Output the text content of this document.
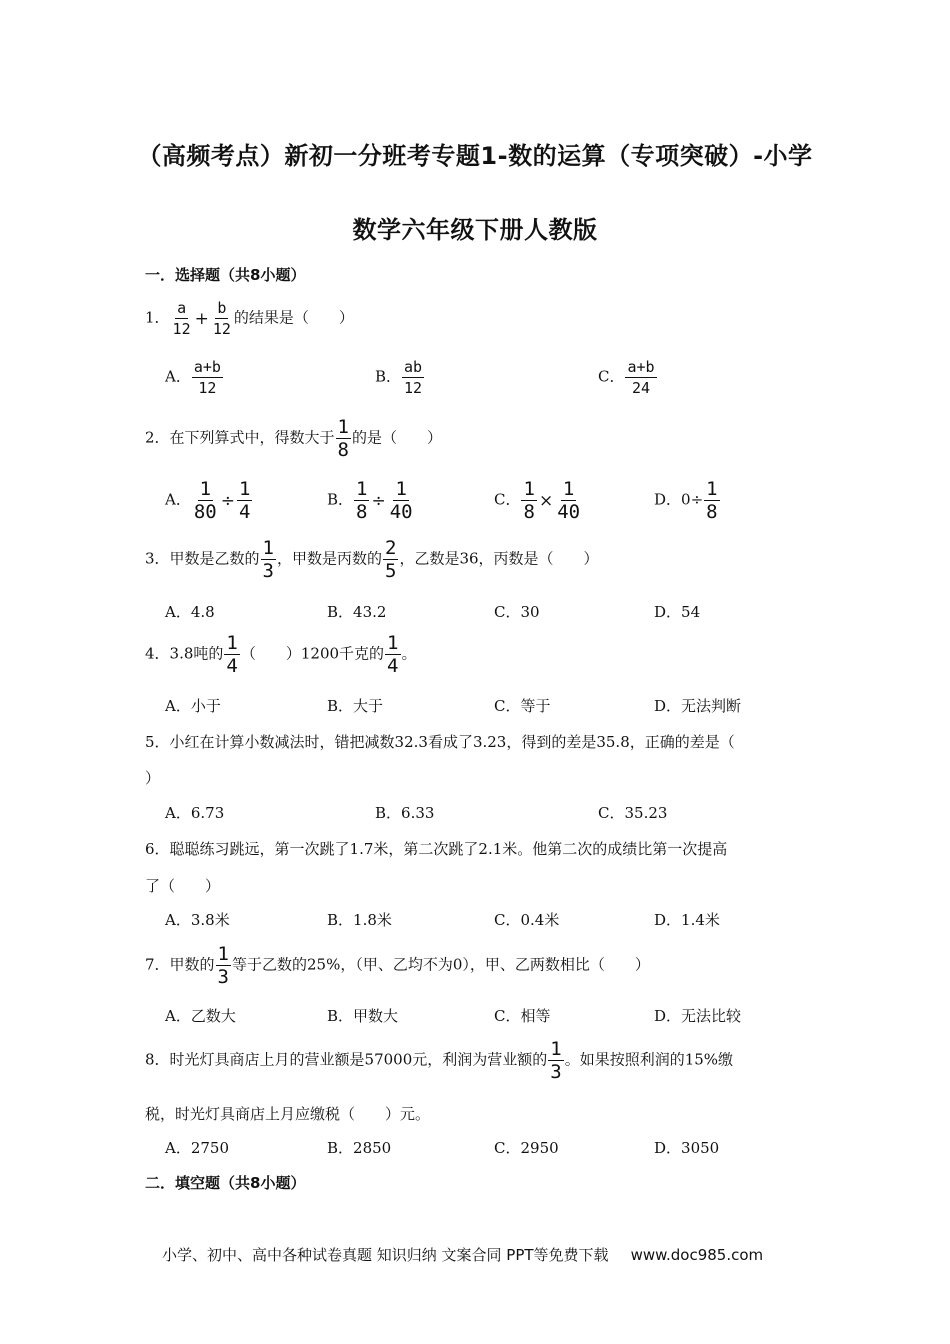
（高频考点）新初一分班考专题1-数的运算（专项突破）-小学
数学六年级下册人教版
一．选择题（共8小题）
1． $\frac{a}{12} + \frac{b}{12}$ 的结果是（　　）
A． $\frac{a+b}{12}$	B． $\frac{ab}{12}$	C． $\frac{a+b}{24}$
2．在下列算式中，得数大于 $\frac{1}{8}$ 的是（　　）
A． $\frac{1}{80} \div \frac{1}{4}$	B． $\frac{1}{8} \div \frac{1}{40}$	C． $\frac{1}{8} \times \frac{1}{40}$	D．$0\div \frac{1}{8}$
3．甲数是乙数的 $\frac{1}{3}$ ，甲数是丙数的 $\frac{2}{5}$ ，乙数是36，丙数是（　　）
A．4.8	B．43.2	C．30	D．54
4．3.8吨的 $\frac{1}{4}$ （　　）1200千克的 $\frac{1}{4}$ 。
A．小于	B．大于	C．等于	D．无法判断
5．小红在计算小数减法时，错把减数32.3看成了3.23，得到的差是35.8，正确的差是（
）
A．6.73	B．6.33	C．35.23
6．聪聪练习跳远，第一次跳了1.7米，第二次跳了2.1米。他第二次的成绩比第一次提高
了（　　）
A．3.8米	B．1.8米	C．0.4米	D．1.4米
7．甲数的 $\frac{1}{3}$ 等于乙数的25%，（甲、乙均不为0），甲、乙两数相比（　　）
A．乙数大	B．甲数大	C．相等	D．无法比较
8．时光灯具商店上月的营业额是57000元，利润为营业额的 $\frac{1}{3}$ 。如果按照利润的15%缴
税，时光灯具商店上月应缴税（　　）元。
A．2750	B．2850	C．2950	D．3050
二．填空题（共8小题）
小学、初中、高中各种试卷真题 知识归纳 文案合同 PPT等免费下载 www.doc985.com
